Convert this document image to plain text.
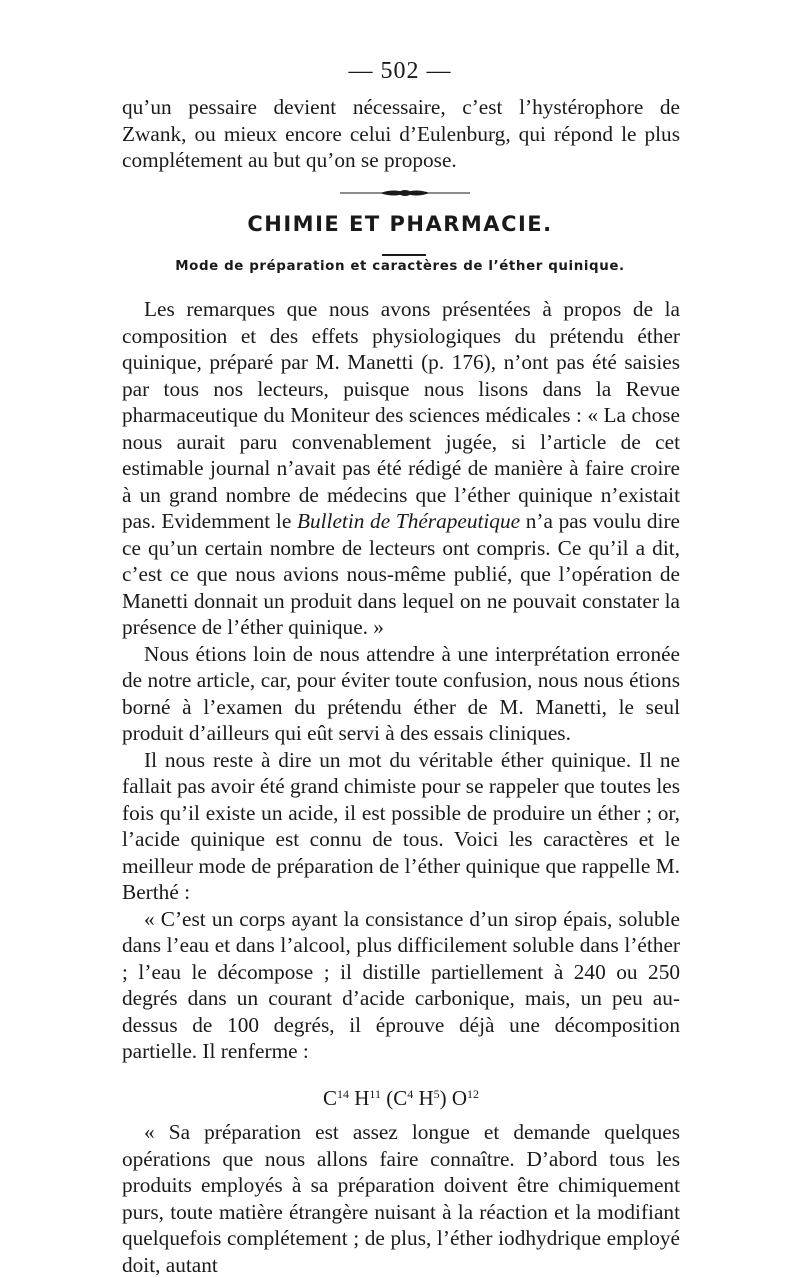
— 502 —

qu’un pessaire devient nécessaire, c’est l’hystérophore de Zwank, ou mieux encore celui d’Eulenburg, qui répond le plus complétement au but qu’on se propose.

CHIMIE ET PHARMACIE.
Mode de préparation et caractères de l’éther quinique.

Les remarques que nous avons présentées à propos de la composition et des effets physiologiques du prétendu éther quinique, préparé par M. Manetti (p. 176), n’ont pas été saisies par tous nos lecteurs, puisque nous lisons dans la Revue pharmaceutique du Moniteur des sciences médicales : « La chose nous aurait paru convenablement jugée, si l’article de cet estimable journal n’avait pas été rédigé de manière à faire croire à un grand nombre de médecins que l’éther quinique n’existait pas. Evidemment le Bulletin de Thérapeutique n’a pas voulu dire ce qu’un certain nombre de lecteurs ont compris. Ce qu’il a dit, c’est ce que nous avions nous-même publié, que l’opération de Manetti donnait un produit dans lequel on ne pouvait constater la présence de l’éther quinique. »

Nous étions loin de nous attendre à une interprétation erronée de notre article, car, pour éviter toute confusion, nous nous étions borné à l’examen du prétendu éther de M. Manetti, le seul produit d’ailleurs qui eût servi à des essais cliniques.

Il nous reste à dire un mot du véritable éther quinique. Il ne fallait pas avoir été grand chimiste pour se rappeler que toutes les fois qu’il existe un acide, il est possible de produire un éther ; or, l’acide quinique est connu de tous. Voici les caractères et le meilleur mode de préparation de l’éther quinique que rappelle M. Berthé :

« C’est un corps ayant la consistance d’un sirop épais, soluble dans l’eau et dans l’alcool, plus difficilement soluble dans l’éther ; l’eau le décompose ; il distille partiellement à 240 ou 250 degrés dans un courant d’acide carbonique, mais, un peu au-dessus de 100 degrés, il éprouve déjà une décomposition partielle. Il renferme :

$C^{14}$ $H^{11}$ ($C^4$ $H^5$) $O^{12}$

« Sa préparation est assez longue et demande quelques opérations que nous allons faire connaître. D’abord tous les produits employés à sa préparation doivent être chimiquement purs, toute matière étrangère nuisant à la réaction et la modifiant quelquefois complétement ; de plus, l’éther iodhydrique employé doit, autant
